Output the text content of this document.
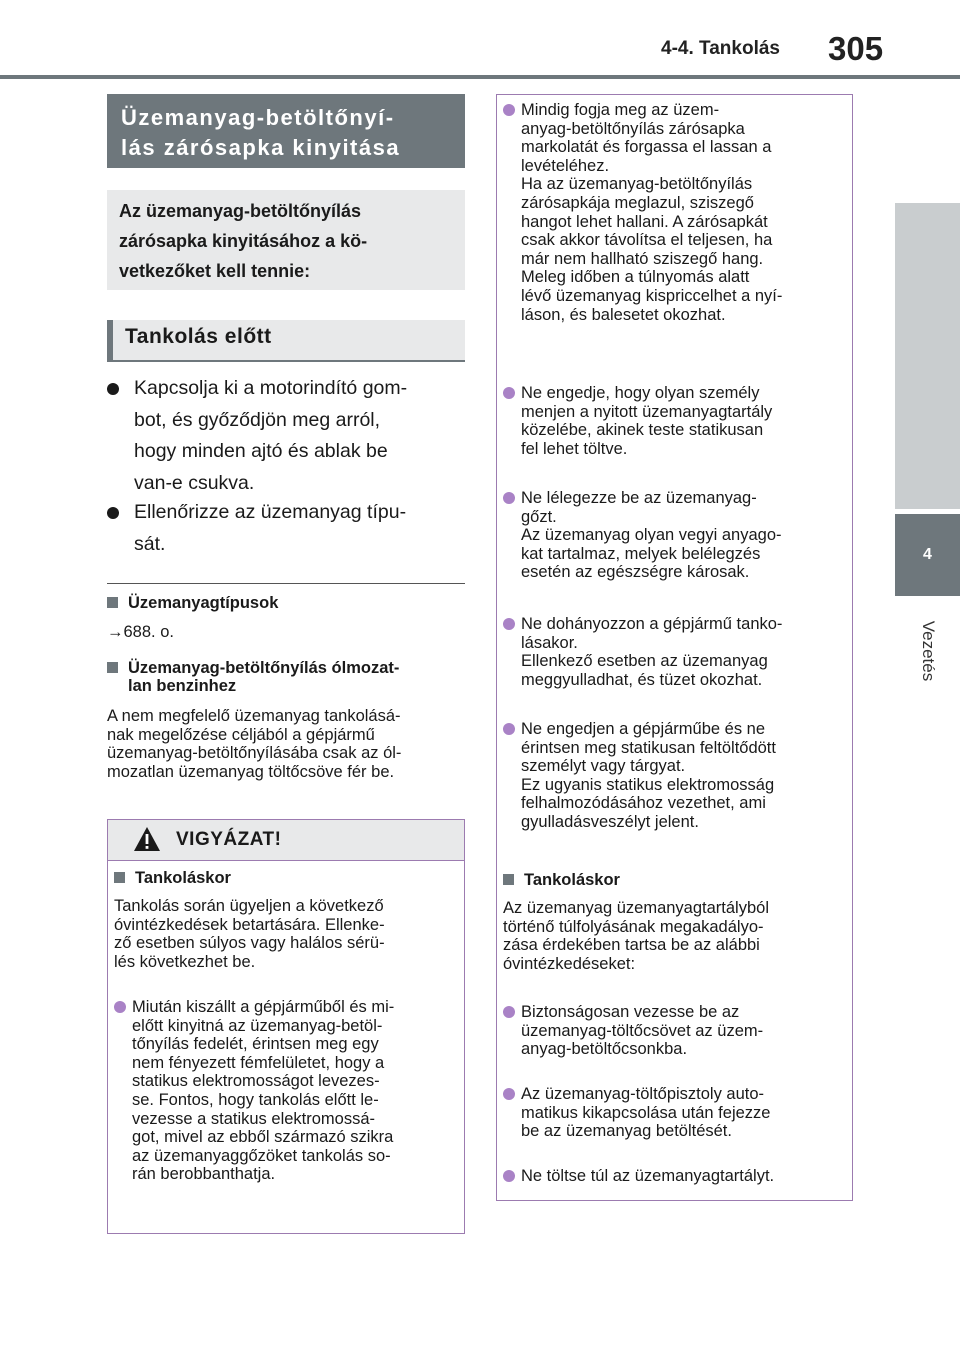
4-4. Tankolás 305
4
Vezetés
Üzemanyag-betöltőnyí-
lás zárósapka kinyitása
Az üzemanyag-betöltőnyílás
zárósapka kinyitásához a kö-
vetkezőket kell tennie:
Tankolás előtt
Kapcsolja ki a motorindító gom-
bot, és győződjön meg arról,
hogy minden ajtó és ablak be
van-e csukva.
Ellenőrizze az üzemanyag típu-
sát.
Üzemanyagtípusok
→688. o.
Üzemanyag-betöltőnyílás ólmozat-
lan benzinhez
A nem megfelelő üzemanyag tankolásá-
nak megelőzése céljából a gépjármű
üzemanyag-betöltőnyílásába csak az ól-
mozatlan üzemanyag töltőcsöve fér be.
VIGYÁZAT!
Tankoláskor
Tankolás során ügyeljen a következő
óvintézkedések betartására. Ellenke-
ző esetben súlyos vagy halálos sérü-
lés következhet be.
Miután kiszállt a gépjárműből és mi-
előtt kinyitná az üzemanyag-betöl-
tőnyílás fedelét, érintsen meg egy
nem fényezett fémfelületet, hogy a
statikus elektromosságot levezes-
se. Fontos, hogy tankolás előtt le-
vezesse a statikus elektromossá-
got, mivel az ebből származó szikra
az üzemanyaggőzöket tankolás so-
rán berobbanthatja.
Mindig fogja meg az üzem-
anyag-betöltőnyílás zárósapka
markolatát és forgassa el lassan a
levételéhez.
Ha az üzemanyag-betöltőnyílás
zárósapkája meglazul, sziszegő
hangot lehet hallani. A zárósapkát
csak akkor távolítsa el teljesen, ha
már nem hallható sziszegő hang.
Meleg időben a túlnyomás alatt
lévő üzemanyag kispriccelhet a nyí-
láson, és balesetet okozhat.
Ne engedje, hogy olyan személy
menjen a nyitott üzemanyagtartály
közelébe, akinek teste statikusan
fel lehet töltve.
Ne lélegezze be az üzemanyag-
gőzt.
Az üzemanyag olyan vegyi anyago-
kat tartalmaz, melyek belélegzés
esetén az egészségre károsak.
Ne dohányozzon a gépjármű tanko-
lásakor.
Ellenkező esetben az üzemanyag
meggyulladhat, és tüzet okozhat.
Ne engedjen a gépjárműbe és ne
érintsen meg statikusan feltöltődött
személyt vagy tárgyat.
Ez ugyanis statikus elektromosság
felhalmozódásához vezethet, ami
gyulladásveszélyt jelent.
Tankoláskor
Az üzemanyag üzemanyagtartályból
történő túlfolyásának megakadályo-
zása érdekében tartsa be az alábbi
óvintézkedéseket:
Biztonságosan vezesse be az
üzemanyag-töltőcsövet az üzem-
anyag-betöltőcsonkba.
Az üzemanyag-töltőpisztoly auto-
matikus kikapcsolása után fejezze
be az üzemanyag betöltését.
Ne töltse túl az üzemanyagtartályt.
